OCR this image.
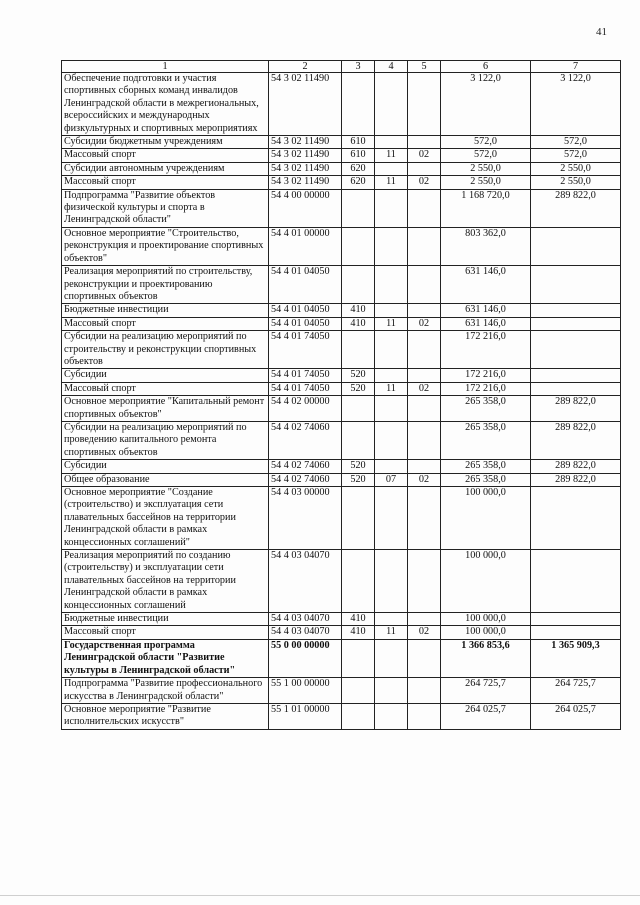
41
1	2	3	4	5	6	7
Обеспечение подготовки и участия спортивных сборных команд инвалидов Ленинградской области в межрегиональных, всероссийских и международных физкультурных и спортивных мероприятиях	54 3 02 11490				3 122,0	3 122,0
Субсидии бюджетным учреждениям	54 3 02 11490	610			572,0	572,0
Массовый спорт	54 3 02 11490	610	11	02	572,0	572,0
Субсидии автономным учреждениям	54 3 02 11490	620			2 550,0	2 550,0
Массовый спорт	54 3 02 11490	620	11	02	2 550,0	2 550,0
Подпрограмма "Развитие объектов физической культуры и спорта в Ленинградской области"	54 4 00 00000				1 168 720,0	289 822,0
Основное мероприятие "Строительство, реконструкция и проектирование спортивных объектов"	54 4 01 00000				803 362,0	
Реализация мероприятий по строительству, реконструкции и проектированию спортивных объектов	54 4 01 04050				631 146,0	
Бюджетные инвестиции	54 4 01 04050	410			631 146,0	
Массовый спорт	54 4 01 04050	410	11	02	631 146,0	
Субсидии на реализацию мероприятий по строительству и реконструкции спортивных объектов	54 4 01 74050				172 216,0	
Субсидии	54 4 01 74050	520			172 216,0	
Массовый спорт	54 4 01 74050	520	11	02	172 216,0	
Основное мероприятие "Капитальный ремонт спортивных объектов"	54 4 02 00000				265 358,0	289 822,0
Субсидии на реализацию мероприятий по проведению капитального ремонта спортивных объектов	54 4 02 74060				265 358,0	289 822,0
Субсидии	54 4 02 74060	520			265 358,0	289 822,0
Общее образование	54 4 02 74060	520	07	02	265 358,0	289 822,0
Основное мероприятие "Создание (строительство) и эксплуатация сети плавательных бассейнов на территории Ленинградской области в рамках концессионных соглашений"	54 4 03 00000				100 000,0	
Реализация мероприятий по созданию (строительству) и эксплуатации сети плавательных бассейнов на территории Ленинградской области в рамках концессионных соглашений	54 4 03 04070				100 000,0	
Бюджетные инвестиции	54 4 03 04070	410			100 000,0	
Массовый спорт	54 4 03 04070	410	11	02	100 000,0	
Государственная программа Ленинградской области "Развитие культуры в Ленинградской области"	55 0 00 00000				1 366 853,6	1 365 909,3
Подпрограмма "Развитие профессионального искусства в Ленинградской области"	55 1 00 00000				264 725,7	264 725,7
Основное мероприятие "Развитие исполнительских искусств"	55 1 01 00000				264 025,7	264 025,7
